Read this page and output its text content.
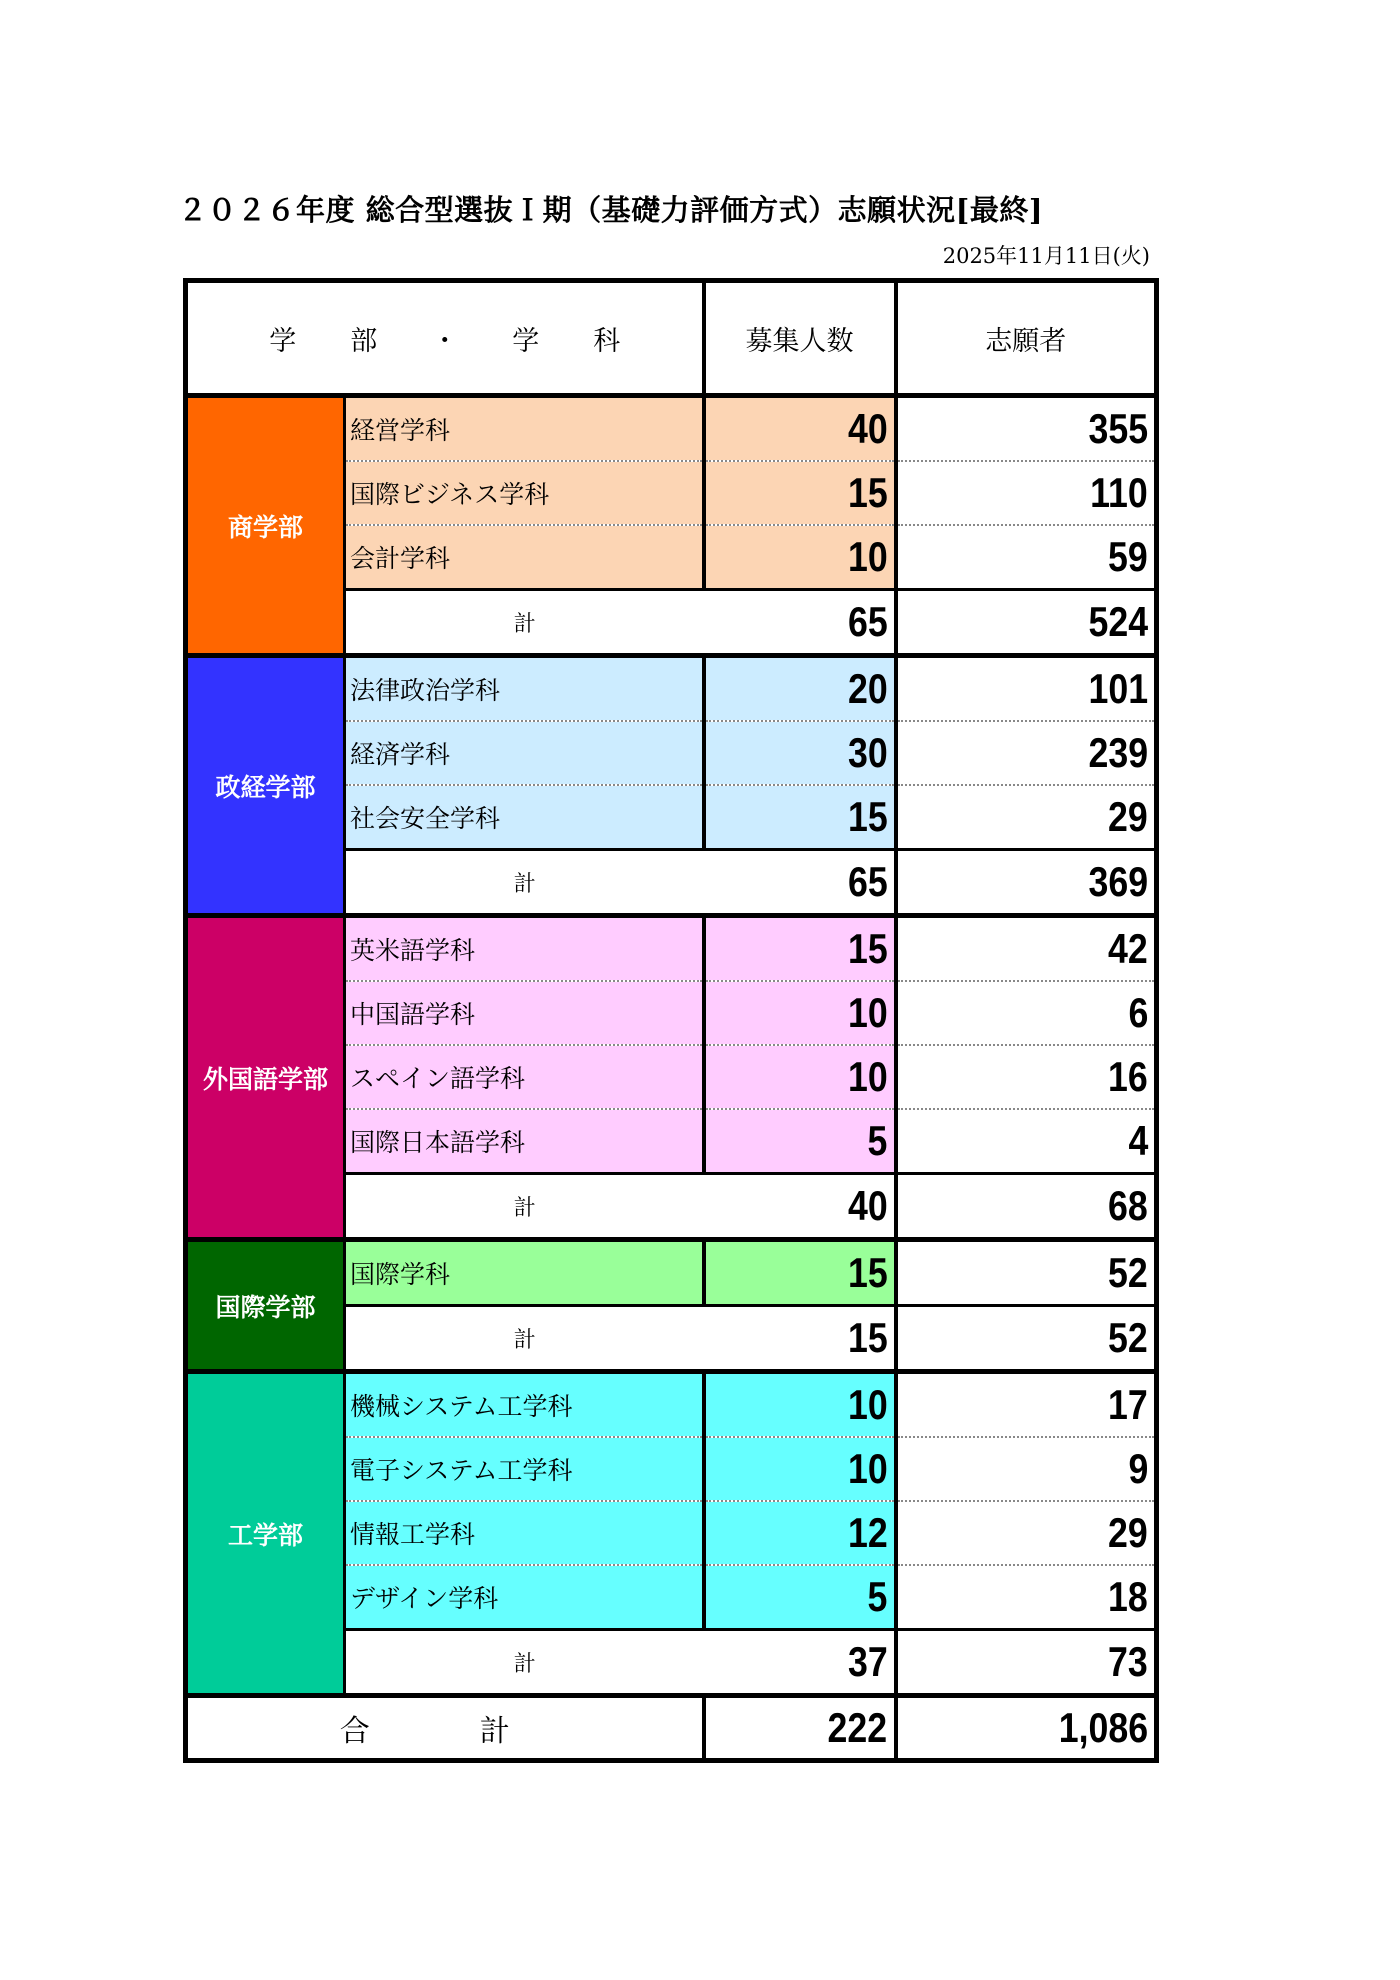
２０２６年度 総合型選抜Ｉ期（基礎力評価方式）志願状況[最終]
2025年11月11日(火)
学　　部　　・　　学　　科		募集人数	志願者
商学部	経営学科	40	355
	国際ビジネス学科	15	110
	会計学科	10	59
	計	65	524
政経学部	法律政治学科	20	101
	経済学科	30	239
	社会安全学科	15	29
	計	65	369
外国語学部	英米語学科	15	42
	中国語学科	10	6
	スペイン語学科	10	16
	国際日本語学科	5	4
	計	40	68
国際学部	国際学科	15	52
	計	15	52
工学部	機械システム工学科	10	17
	電子システム工学科	10	9
	情報工学科	12	29
	デザイン学科	5	18
	計	37	73
合　計		222	1,086
